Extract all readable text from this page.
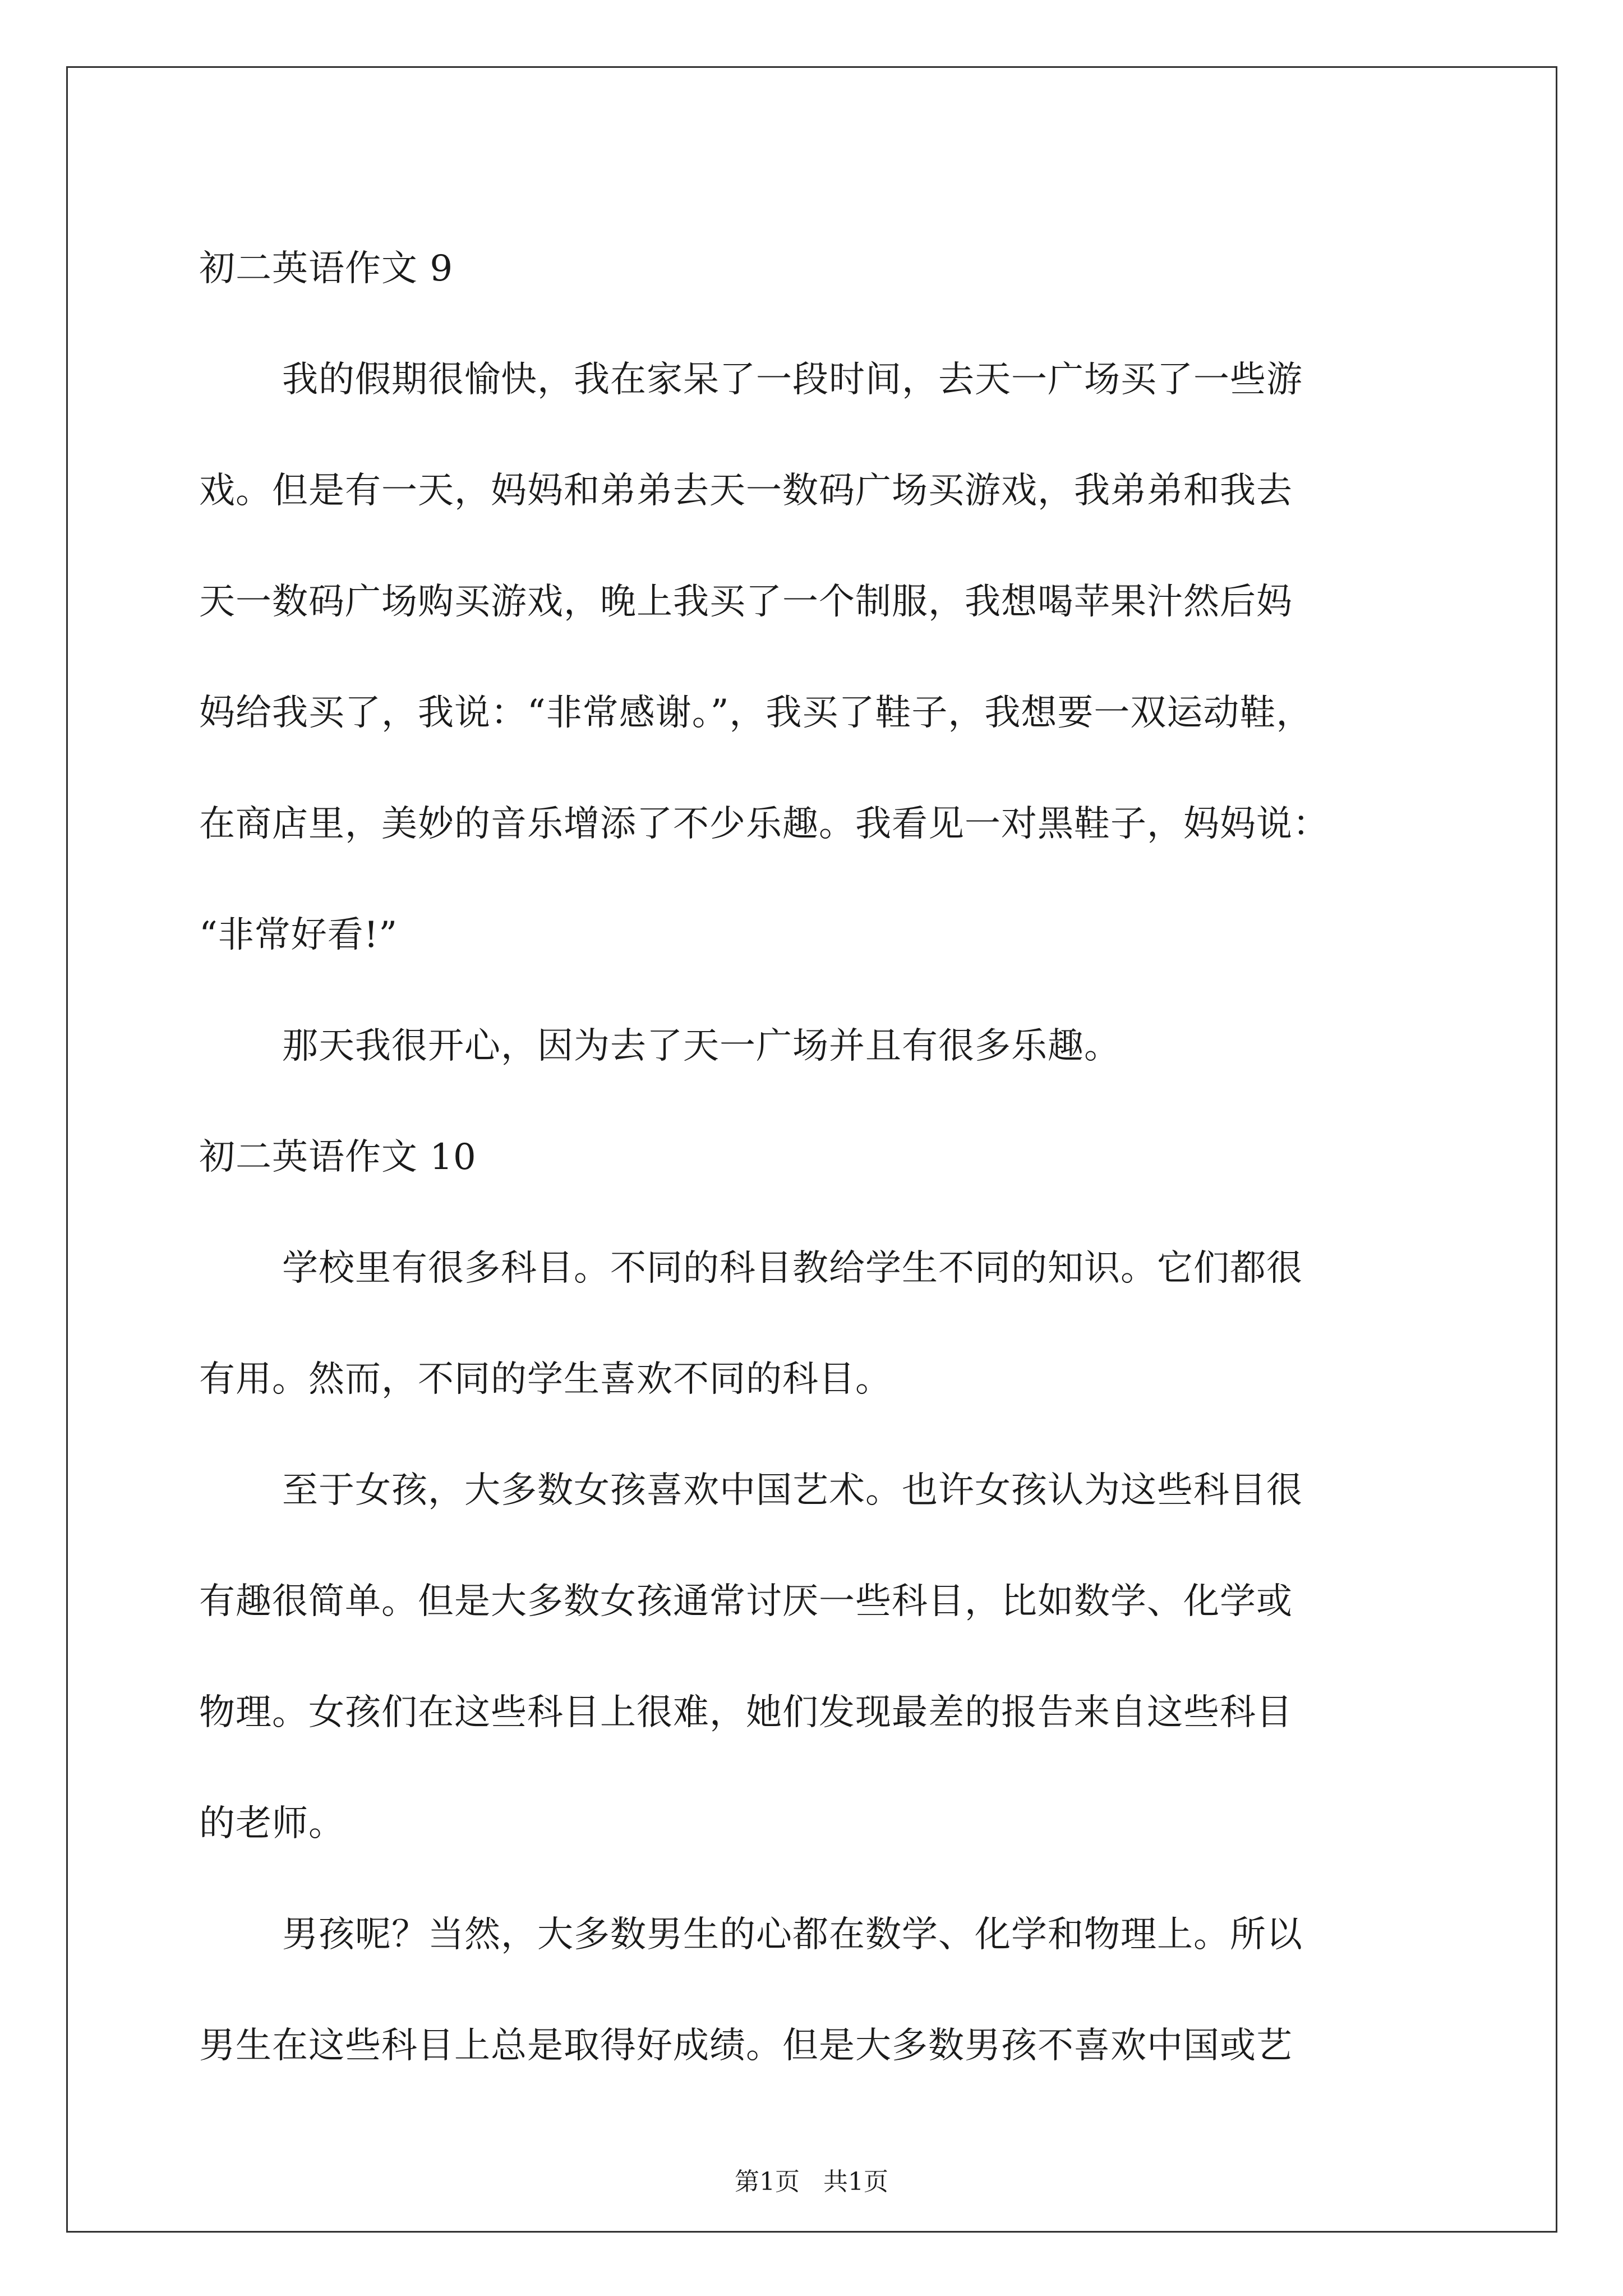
初二英语作文 9
我的假期很愉快，我在家呆了一段时间，去天一广场买了一些游
戏。但是有一天，妈妈和弟弟去天一数码广场买游戏，我弟弟和我去
天一数码广场购买游戏，晚上我买了一个制服，我想喝苹果汁然后妈
妈给我买了，我说：“非常感谢。”，我买了鞋子，我想要一双运动鞋，
在商店里，美妙的音乐增添了不少乐趣。我看见一对黑鞋子，妈妈说：
“非常好看!”
那天我很开心，因为去了天一广场并且有很多乐趣。
初二英语作文 10
学校里有很多科目。不同的科目教给学生不同的知识。它们都很
有用。然而，不同的学生喜欢不同的科目。
至于女孩，大多数女孩喜欢中国艺术。也许女孩认为这些科目很
有趣很简单。但是大多数女孩通常讨厌一些科目，比如数学、化学或
物理。女孩们在这些科目上很难，她们发现最差的报告来自这些科目
的老师。
男孩呢？当然，大多数男生的心都在数学、化学和物理上。所以
男生在这些科目上总是取得好成绩。但是大多数男孩不喜欢中国或艺
第1页   共1页
